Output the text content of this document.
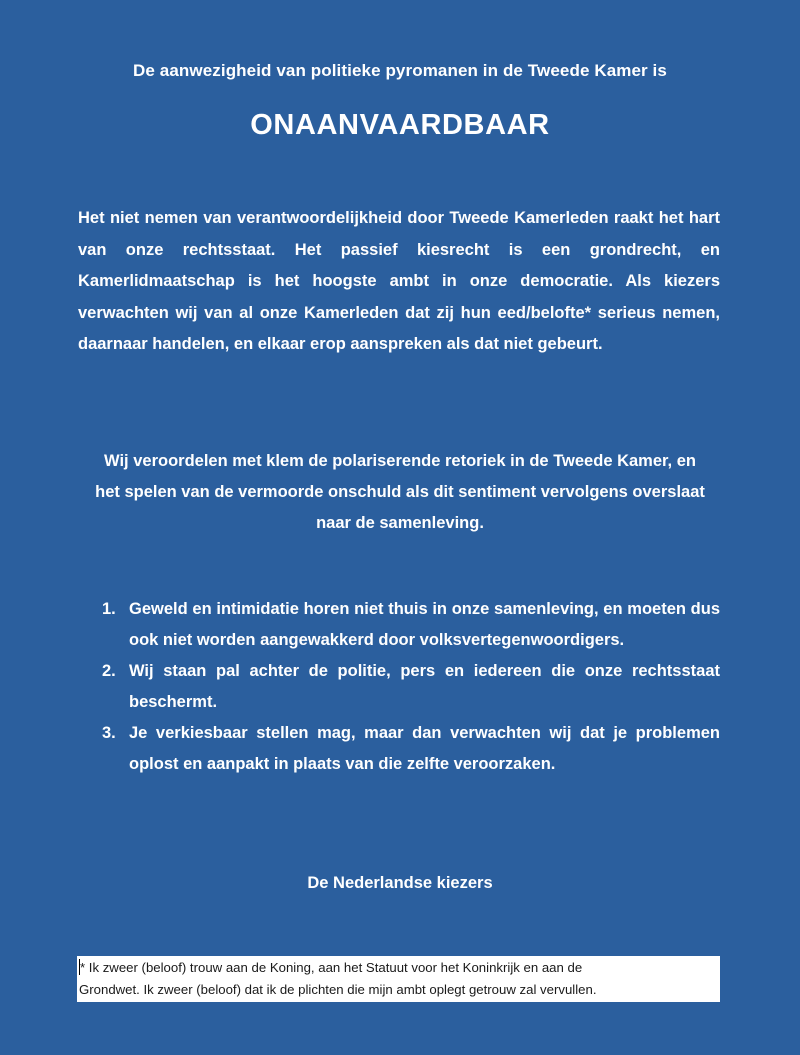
De aanwezigheid van politieke pyromanen in de Tweede Kamer is
ONAANVAARDBAAR
Het niet nemen van verantwoordelijkheid door Tweede Kamerleden raakt het hart van onze rechtsstaat. Het passief kiesrecht is een grondrecht, en Kamerlidmaatschap is het hoogste ambt in onze democratie. Als kiezers verwachten wij van al onze Kamerleden dat zij hun eed/belofte* serieus nemen, daarnaar handelen, en elkaar erop aanspreken als dat niet gebeurt.
Wij veroordelen met klem de polariserende retoriek in de Tweede Kamer, en het spelen van de vermoorde onschuld als dit sentiment vervolgens overslaat naar de samenleving.
1. Geweld en intimidatie horen niet thuis in onze samenleving, en moeten dus ook niet worden aangewakkerd door volksvertegenwoordigers.
2. Wij staan pal achter de politie, pers en iedereen die onze rechtsstaat beschermt.
3. Je verkiesbaar stellen mag, maar dan verwachten wij dat je problemen oplost en aanpakt in plaats van die zelfte veroorzaken.
De Nederlandse kiezers
* Ik zweer (beloof) trouw aan de Koning, aan het Statuut voor het Koninkrijk en aan de
Grondwet. Ik zweer (beloof) dat ik de plichten die mijn ambt oplegt getrouw zal vervullen.
